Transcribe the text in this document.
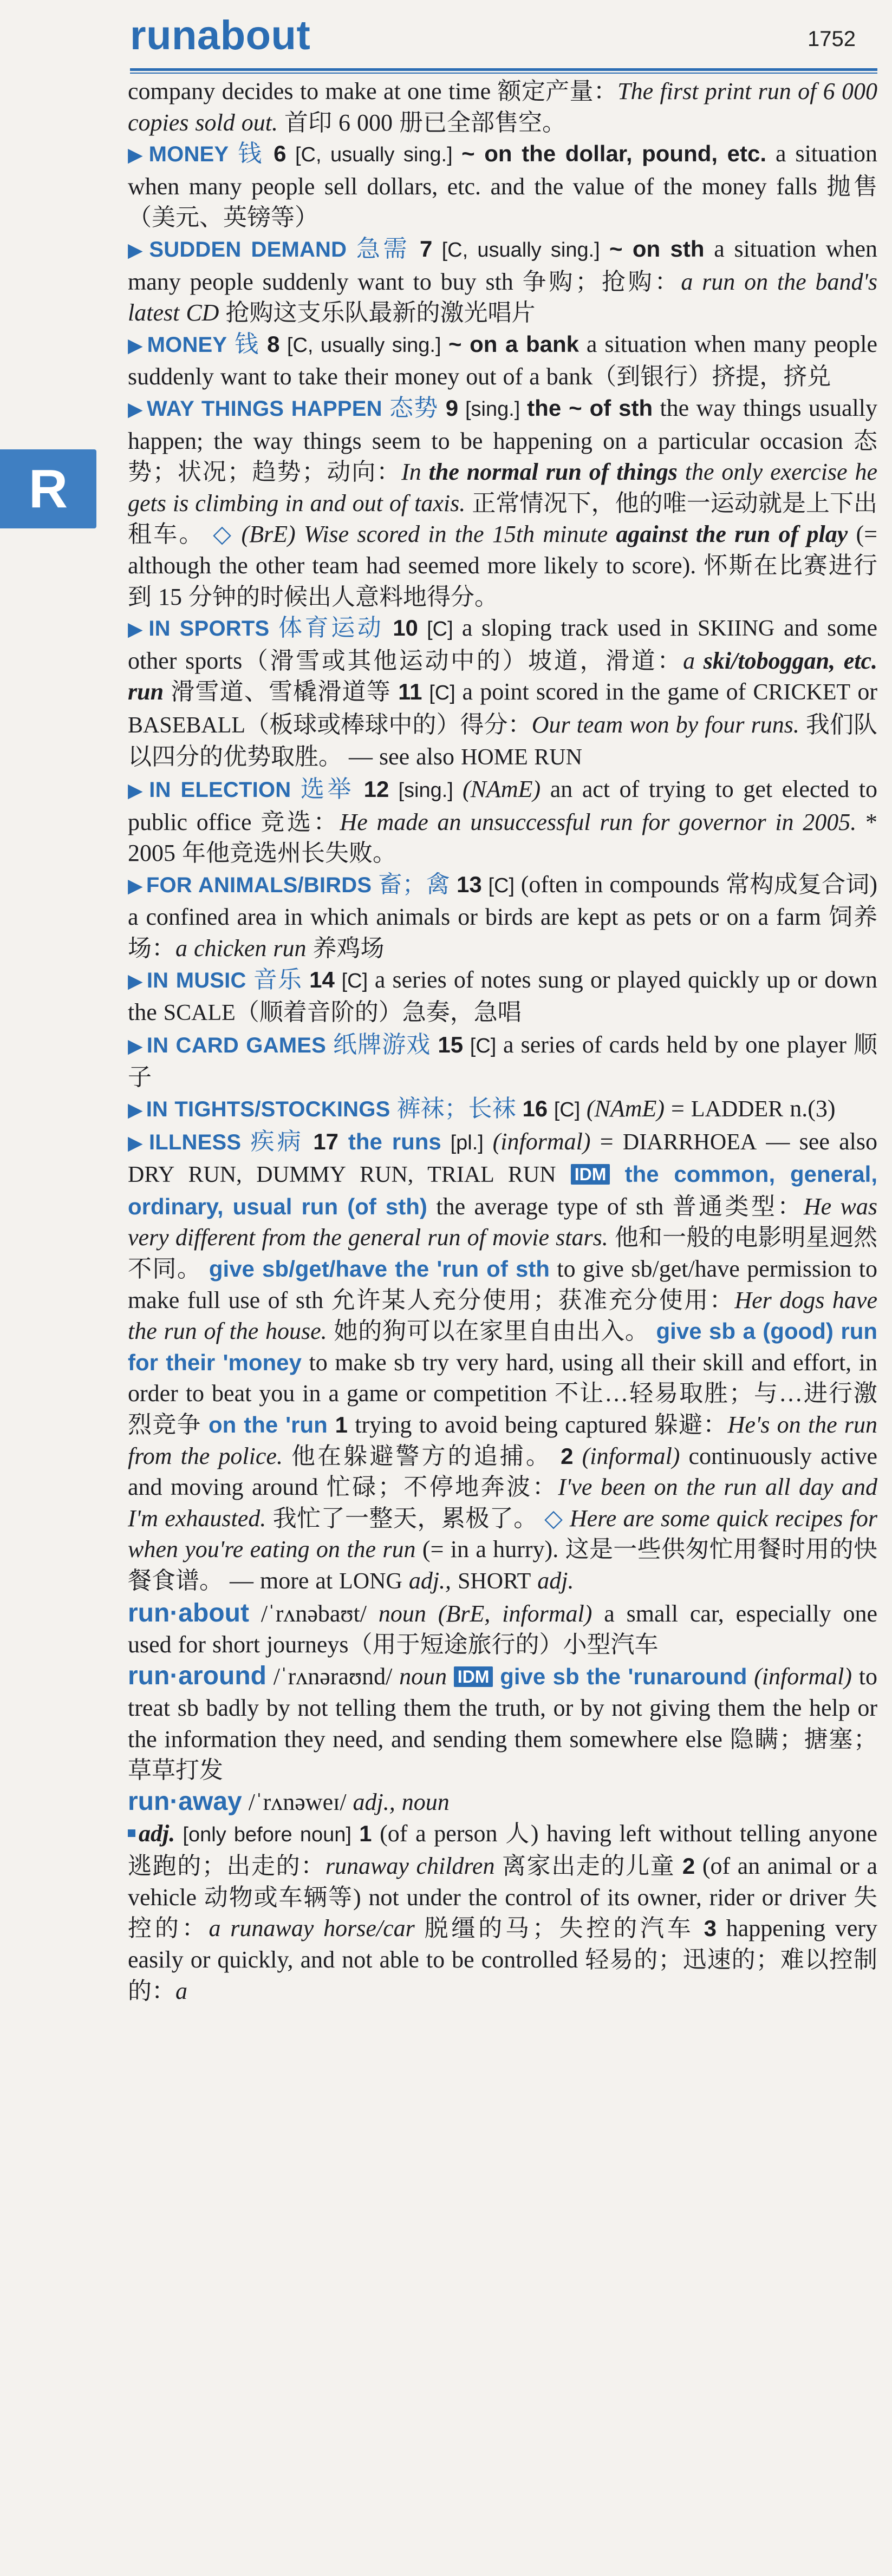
runabout	1752
R

company decides to make at one time 额定产量：The first print run of 6 000 copies sold out. 首印 6 000 册已全部售空。

▶ MONEY 钱 6 [C, usually sing.] ~ on the dollar, pound, etc. a situation when many people sell dollars, etc. and the value of the money falls 抛售（美元、英镑等）

▶ SUDDEN DEMAND 急需 7 [C, usually sing.] ~ on sth a situation when many people suddenly want to buy sth 争购；抢购：a run on the band's latest CD 抢购这支乐队最新的激光唱片

▶ MONEY 钱 8 [C, usually sing.] ~ on a bank a situation when many people suddenly want to take their money out of a bank（到银行）挤提，挤兑

▶ WAY THINGS HAPPEN 态势 9 [sing.] the ~ of sth the way things usually happen; the way things seem to be happening on a particular occasion 态势；状况；趋势；动向：In the normal run of things the only exercise he gets is climbing in and out of taxis. 正常情况下，他的唯一运动就是上下出租车。 ◇ (BrE) Wise scored in the 15th minute against the run of play (= although the other team had seemed more likely to score). 怀斯在比赛进行到 15 分钟的时候出人意料地得分。

▶ IN SPORTS 体育运动 10 [C] a sloping track used in SKIING and some other sports（滑雪或其他运动中的）坡道，滑道：a ski/toboggan, etc. run 滑雪道、雪橇滑道等 11 [C] a point scored in the game of CRICKET or BASEBALL（板球或棒球中的）得分：Our team won by four runs. 我们队以四分的优势取胜。 — see also HOME RUN

▶ IN ELECTION 选举 12 [sing.] (NAmE) an act of trying to get elected to public office 竞选：He made an unsuccessful run for governor in 2005. * 2005 年他竞选州长失败。

▶ FOR ANIMALS/BIRDS 畜；禽 13 [C] (often in compounds 常构成复合词) a confined area in which animals or birds are kept as pets or on a farm 饲养场：a chicken run 养鸡场

▶ IN MUSIC 音乐 14 [C] a series of notes sung or played quickly up or down the SCALE（顺着音阶的）急奏，急唱

▶ IN CARD GAMES 纸牌游戏 15 [C] a series of cards held by one player 顺子

▶ IN TIGHTS/STOCKINGS 裤袜；长袜 16 [C] (NAmE) = LADDER n.(3)

▶ ILLNESS 疾病 17 the runs [pl.] (informal) = DIARRHOEA — see also DRY RUN, DUMMY RUN, TRIAL RUN IDM the common, general, ordinary, usual run (of sth) the average type of sth 普通类型：He was very different from the general run of movie stars. 他和一般的电影明星迥然不同。 give sb/get/have the 'run of sth to give sb/get/have permission to make full use of sth 允许某人充分使用；获准充分使用：Her dogs have the run of the house. 她的狗可以在家里自由出入。 give sb a (good) run for their 'money to make sb try very hard, using all their skill and effort, in order to beat you in a game or competition 不让…轻易取胜；与…进行激烈竞争 on the 'run 1 trying to avoid being captured 躲避：He's on the run from the police. 他在躲避警方的追捕。 2 (informal) continuously active and moving around 忙碌；不停地奔波：I've been on the run all day and I'm exhausted. 我忙了一整天，累极了。 ◇ Here are some quick recipes for when you're eating on the run (= in a hurry). 这是一些供匆忙用餐时用的快餐食谱。 — more at LONG adj., SHORT adj.

run·about /ˈrʌnəbaʊt/ noun (BrE, informal) a small car, especially one used for short journeys（用于短途旅行的）小型汽车

run·around /ˈrʌnəraʊnd/ noun IDM give sb the 'runaround (informal) to treat sb badly by not telling them the truth, or by not giving them the help or the information they need, and sending them somewhere else 隐瞒；搪塞；草草打发

run·away /ˈrʌnəweɪ/ adj., noun

adj. [only before noun] 1 (of a person 人) having left without telling anyone 逃跑的；出走的：runaway children 离家出走的儿童 2 (of an animal or a vehicle 动物或车辆等) not under the control of its owner, rider or driver 失控的：a runaway horse/car 脱缰的马；失控的汽车 3 happening very easily or quickly, and not able to be controlled 轻易的；迅速的；难以控制的：a
